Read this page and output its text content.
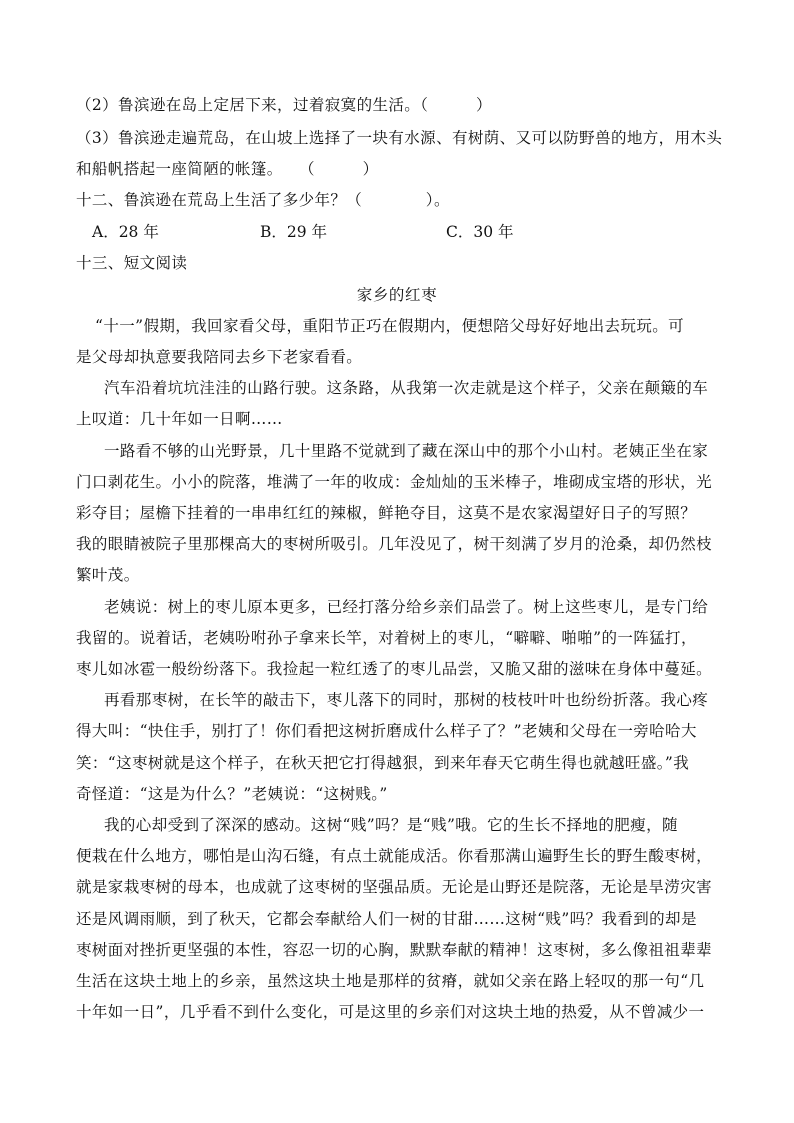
（2）鲁滨逊在岛上定居下来，过着寂寞的生活。（　　　）
（3）鲁滨逊走遍荒岛，在山坡上选择了一块有水源、有树荫、又可以防野兽的地方，用木头
和船帆搭起一座简陋的帐篷。　　（　　　）
十二、鲁滨逊在荒岛上生活了多少年？（　　　　）。
A．28 年	B．29 年	C．30 年
十三、短文阅读
家乡的红枣
“十一”假期，我回家看父母，重阳节正巧在假期内，便想陪父母好好地出去玩玩。可
是父母却执意要我陪同去乡下老家看看。
汽车沿着坑坑洼洼的山路行驶。这条路，从我第一次走就是这个样子，父亲在颠簸的车
上叹道：几十年如一日啊……
一路看不够的山光野景，几十里路不觉就到了藏在深山中的那个小山村。老姨正坐在家
门口剥花生。小小的院落，堆满了一年的收成：金灿灿的玉米棒子，堆砌成宝塔的形状，光
彩夺目；屋檐下挂着的一串串红红的辣椒，鲜艳夺目，这莫不是农家渴望好日子的写照？
我的眼睛被院子里那棵高大的枣树所吸引。几年没见了，树干刻满了岁月的沧桑，却仍然枝
繁叶茂。
老姨说：树上的枣儿原本更多，已经打落分给乡亲们品尝了。树上这些枣儿，是专门给
我留的。说着话，老姨吩咐孙子拿来长竿，对着树上的枣儿，“噼噼、啪啪”的一阵猛打，
枣儿如冰雹一般纷纷落下。我捡起一粒红透了的枣儿品尝，又脆又甜的滋味在身体中蔓延。
再看那枣树，在长竿的敲击下，枣儿落下的同时，那树的枝枝叶叶也纷纷折落。我心疼
得大叫：“快住手，别打了！你们看把这树折磨成什么样子了？”老姨和父母在一旁哈哈大
笑：“这枣树就是这个样子，在秋天把它打得越狠，到来年春天它萌生得也就越旺盛。”我
奇怪道：“这是为什么？”老姨说：“这树贱。”
我的心却受到了深深的感动。这树“贱”吗？是“贱”哦。它的生长不择地的肥瘦，随
便栽在什么地方，哪怕是山沟石缝，有点土就能成活。你看那满山遍野生长的野生酸枣树，
就是家栽枣树的母本，也成就了这枣树的坚强品质。无论是山野还是院落，无论是旱涝灾害
还是风调雨顺，到了秋天，它都会奉献给人们一树的甘甜……这树“贱”吗？我看到的却是
枣树面对挫折更坚强的本性，容忍一切的心胸，默默奉献的精神！这枣树，多么像祖祖辈辈
生活在这块土地上的乡亲，虽然这块土地是那样的贫瘠，就如父亲在路上轻叹的那一句“几
十年如一日”，几乎看不到什么变化，可是这里的乡亲们对这块土地的热爱，从不曾减少一
